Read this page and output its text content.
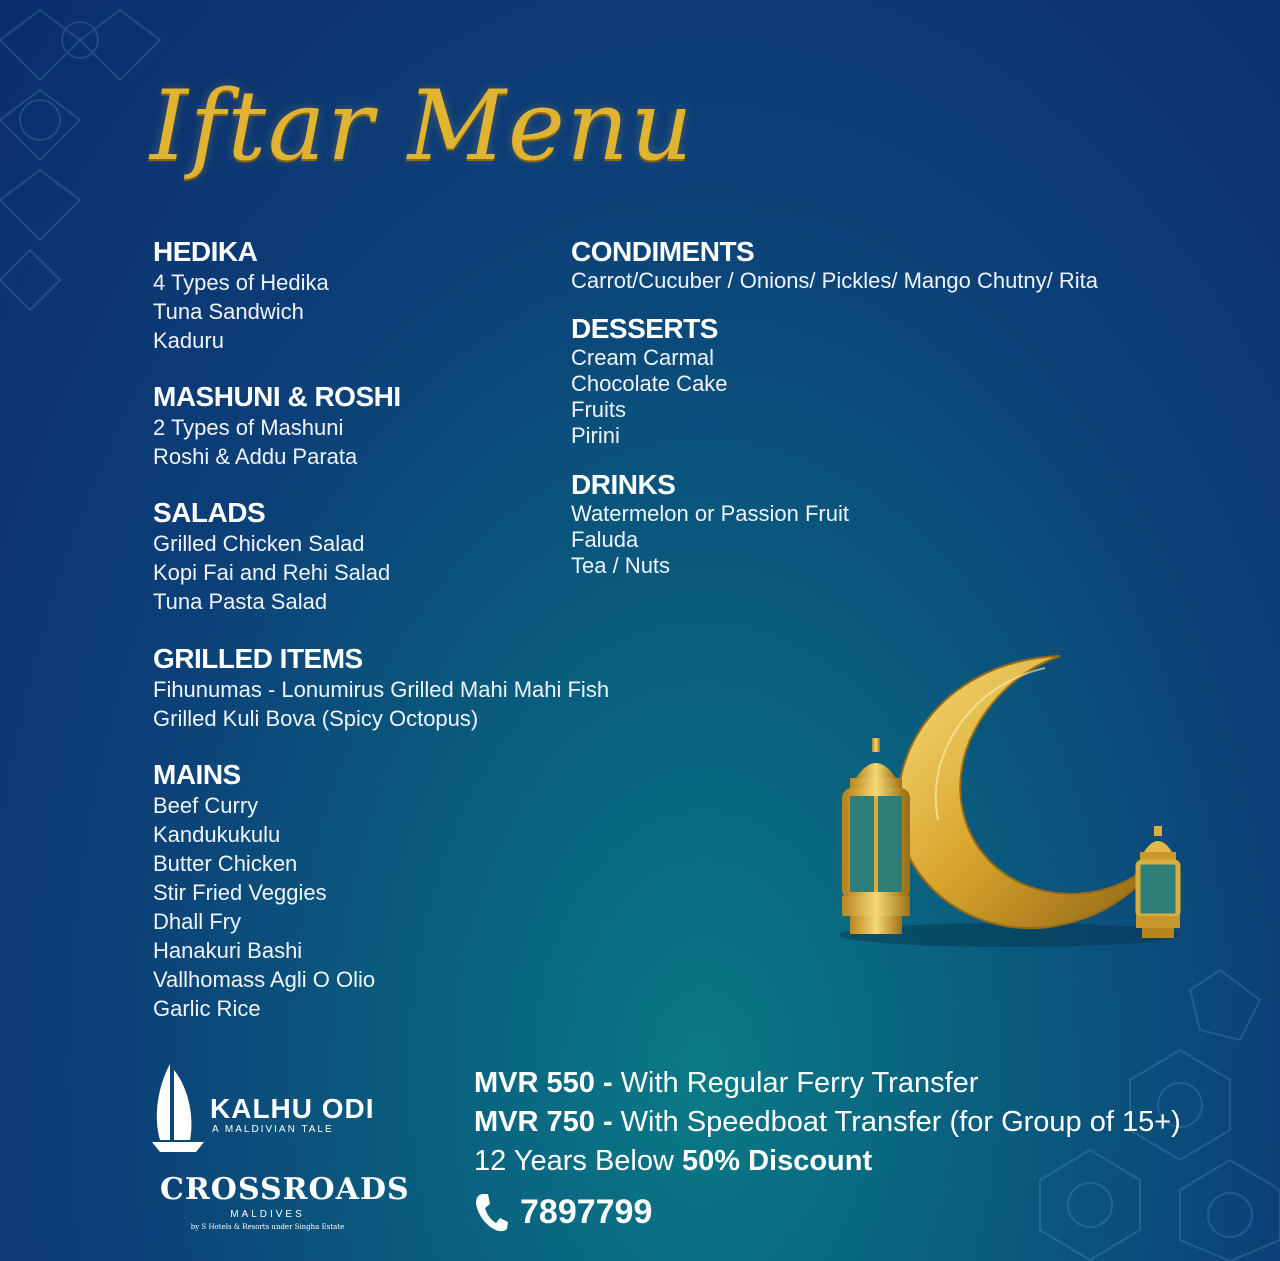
Iftar Menu
HEDIKA
4 Types of Hedika
Tuna Sandwich
Kaduru
MASHUNI & ROSHI
2 Types of Mashuni
Roshi & Addu Parata
SALADS
Grilled Chicken Salad
Kopi Fai and Rehi Salad
Tuna Pasta Salad
GRILLED ITEMS
Fihunumas - Lonumirus Grilled Mahi Mahi Fish
Grilled Kuli Bova (Spicy Octopus)
MAINS
Beef Curry
Kandukukulu
Butter Chicken
Stir Fried Veggies
Dhall Fry
Hanakuri Bashi
Vallhomass Agli O Olio
Garlic Rice
CONDIMENTS
Carrot/Cucuber / Onions/ Pickles/ Mango Chutny/ Rita
DESSERTS
Cream Carmal
Chocolate Cake
Fruits
Pirini
DRINKS
Watermelon or Passion Fruit
Faluda
Tea / Nuts
KALHU ODI
A MALDIVIAN TALE
CROSSROADS
MALDIVES
by S Hotels & Resorts under Singha Estate
MVR 550 - With Regular Ferry Transfer
MVR 750 - With Speedboat Transfer (for Group of 15+)
12 Years Below 50% Discount
7897799
